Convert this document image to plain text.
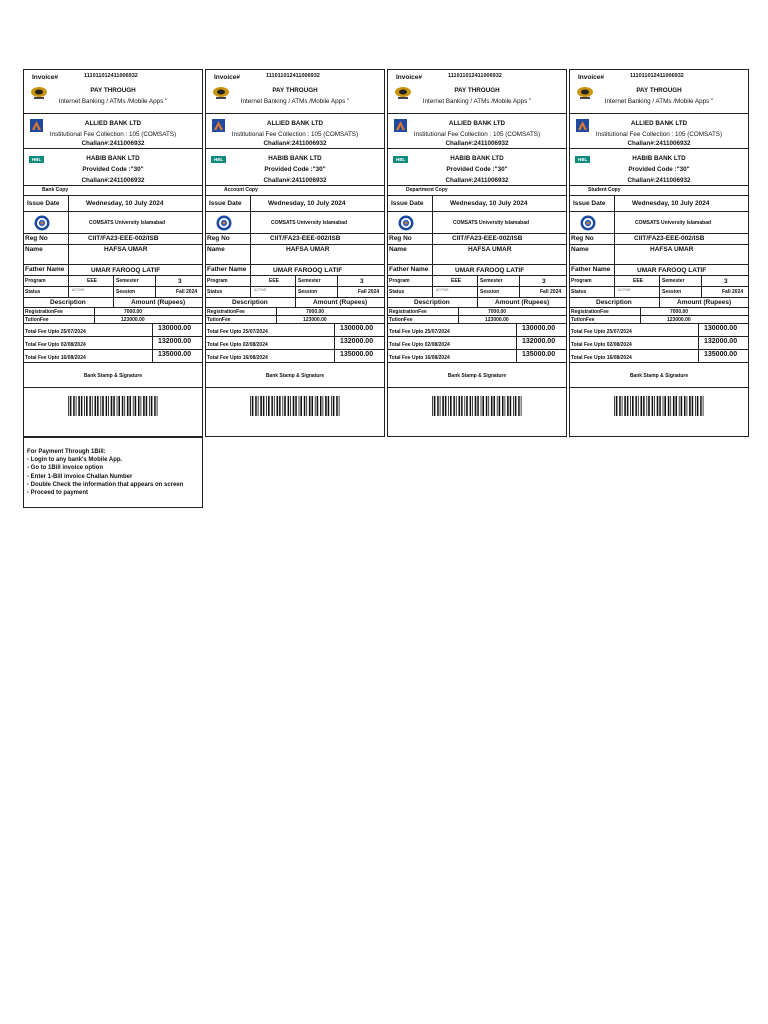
Invoice#	111011012411006932
PAY THROUGH
Internet Banking / ATMs /Mobile Apps "
ALLIED BANK LTD
Institutional Fee Collection : 105 (COMSATS)
Challan#:2411006932
HBL	HABIB BANK LTD
Provided Code :"30"
Challan#:2411006932
Bank Copy
Issue Date	Wednesday, 10 July 2024
COMSATS University Islamabad
Reg No	CIIT/FA23-EEE-002/ISB
Name	HAFSA UMAR
Father Name	UMAR FAROOQ LATIF
Program	EEE	Semester	3
Status	ACTIVE	Session	Fall 2024
Description	Amount (Rupees)
RegistrationFee	7000.00
TutionFee	123000.00
Total Fee Upto 25/07/2024	130000.00
Total Fee Upto 02/08/2024	132000.00
Total Fee Upto 16/08/2024	135000.00
Bank Stamp & Signature
Invoice#	111011012411006932
PAY THROUGH
Internet Banking / ATMs /Mobile Apps "
ALLIED BANK LTD
Institutional Fee Collection : 105 (COMSATS)
Challan#:2411006932
HBL	HABIB BANK LTD
Provided Code :"30"
Challan#:2411006932
Account Copy
Issue Date	Wednesday, 10 July 2024
COMSATS University Islamabad
Reg No	CIIT/FA23-EEE-002/ISB
Name	HAFSA UMAR
Father Name	UMAR FAROOQ LATIF
Program	EEE	Semester	3
Status	ACTIVE	Session	Fall 2024
Description	Amount (Rupees)
RegistrationFee	7000.00
TutionFee	123000.00
Total Fee Upto 25/07/2024	130000.00
Total Fee Upto 02/08/2024	132000.00
Total Fee Upto 16/08/2024	135000.00
Bank Stamp & Signature
Invoice#	111011012411006932
PAY THROUGH
Internet Banking / ATMs /Mobile Apps "
ALLIED BANK LTD
Institutional Fee Collection : 105 (COMSATS)
Challan#:2411006932
HBL	HABIB BANK LTD
Provided Code :"30"
Challan#:2411006932
Department Copy
Issue Date	Wednesday, 10 July 2024
COMSATS University Islamabad
Reg No	CIIT/FA23-EEE-002/ISB
Name	HAFSA UMAR
Father Name	UMAR FAROOQ LATIF
Program	EEE	Semester	3
Status	ACTIVE	Session	Fall 2024
Description	Amount (Rupees)
RegistrationFee	7000.00
TutionFee	123000.00
Total Fee Upto 25/07/2024	130000.00
Total Fee Upto 02/08/2024	132000.00
Total Fee Upto 16/08/2024	135000.00
Bank Stamp & Signature
Invoice#	111011012411006932
PAY THROUGH
Internet Banking / ATMs /Mobile Apps "
ALLIED BANK LTD
Institutional Fee Collection : 105 (COMSATS)
Challan#:2411006932
HBL	HABIB BANK LTD
Provided Code :"30"
Challan#:2411006932
Student Copy
Issue Date	Wednesday, 10 July 2024
COMSATS University Islamabad
Reg No	CIIT/FA23-EEE-002/ISB
Name	HAFSA UMAR
Father Name	UMAR FAROOQ LATIF
Program	EEE	Semester	3
Status	ACTIVE	Session	Fall 2024
Description	Amount (Rupees)
RegistrationFee	7000.00
TutionFee	123000.00
Total Fee Upto 25/07/2024	130000.00
Total Fee Upto 02/08/2024	132000.00
Total Fee Upto 16/08/2024	135000.00
Bank Stamp & Signature
For Payment Through 1Bill:
- Login to any bank's Mobile App.
- Go to 1Bill invoice option
- Enter 1-Bill invoice Challan Number
- Double Check the information that appears on screen
- Proceed to payment
